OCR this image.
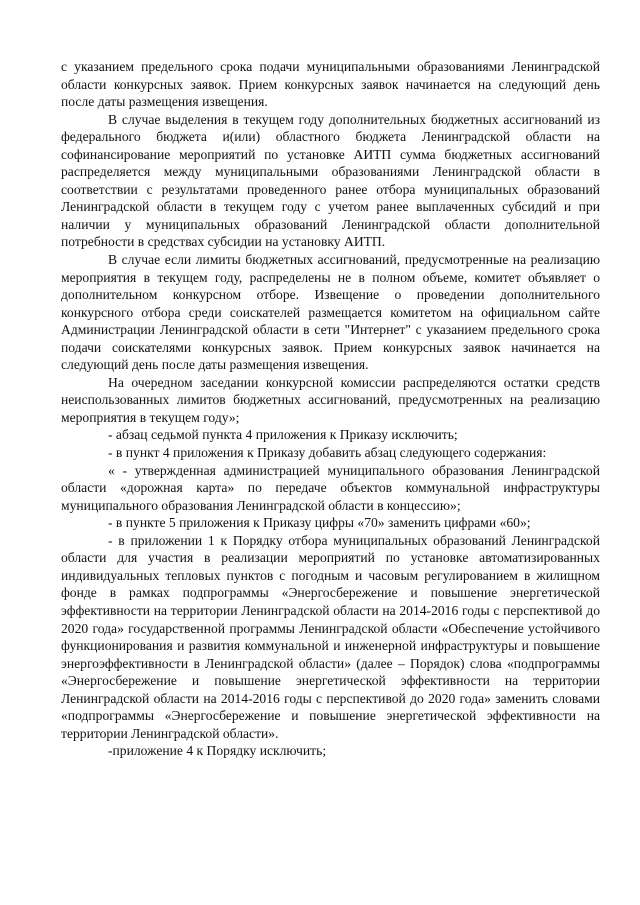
с указанием предельного срока подачи муниципальными образованиями Ленинградской области конкурсных заявок. Прием конкурсных заявок начинается на следующий день после даты размещения извещения.

В случае выделения в текущем году дополнительных бюджетных ассигнований из федерального бюджета и(или) областного бюджета Ленинградской области на софинансирование мероприятий по установке АИТП сумма бюджетных ассигнований распределяется между муниципальными образованиями Ленинградской области в соответствии с результатами проведенного ранее отбора муниципальных образований Ленинградской области в текущем году с учетом ранее выплаченных субсидий и при наличии у муниципальных образований Ленинградской области дополнительной потребности в средствах субсидии на установку АИТП.

В случае если лимиты бюджетных ассигнований, предусмотренные на реализацию мероприятия в текущем году, распределены не в полном объеме, комитет объявляет о дополнительном конкурсном отборе. Извещение о проведении дополнительного конкурсного отбора среди соискателей размещается комитетом на официальном сайте Администрации Ленинградской области в сети "Интернет" с указанием предельного срока подачи соискателями конкурсных заявок. Прием конкурсных заявок начинается на следующий день после даты размещения извещения.

На очередном заседании конкурсной комиссии распределяются остатки средств неиспользованных лимитов бюджетных ассигнований, предусмотренных на реализацию мероприятия в текущем году»;

- абзац седьмой пункта 4 приложения к Приказу исключить;

- в пункт 4 приложения к Приказу добавить абзац следующего содержания:

« - утвержденная администрацией муниципального образования Ленинградской области «дорожная карта» по передаче объектов коммунальной инфраструктуры муниципального образования Ленинградской области в концессию»;

- в пункте 5 приложения к Приказу цифры «70» заменить цифрами «60»;

- в приложении 1 к Порядку отбора муниципальных образований Ленинградской области для участия в реализации мероприятий по установке автоматизированных индивидуальных тепловых пунктов с погодным и часовым регулированием в жилищном фонде в рамках подпрограммы «Энергосбережение и повышение энергетической эффективности на территории Ленинградской области на 2014-2016 годы с перспективой до 2020 года» государственной программы Ленинградской области «Обеспечение устойчивого функционирования и развития коммунальной и инженерной инфраструктуры и повышение энергоэффективности в Ленинградской области» (далее – Порядок) слова «подпрограммы «Энергосбережение и повышение энергетической эффективности на территории Ленинградской области на 2014-2016 годы с перспективой до 2020 года» заменить словами «подпрограммы «Энергосбережение и повышение энергетической эффективности на территории Ленинградской области».

-приложение 4 к Порядку исключить;
